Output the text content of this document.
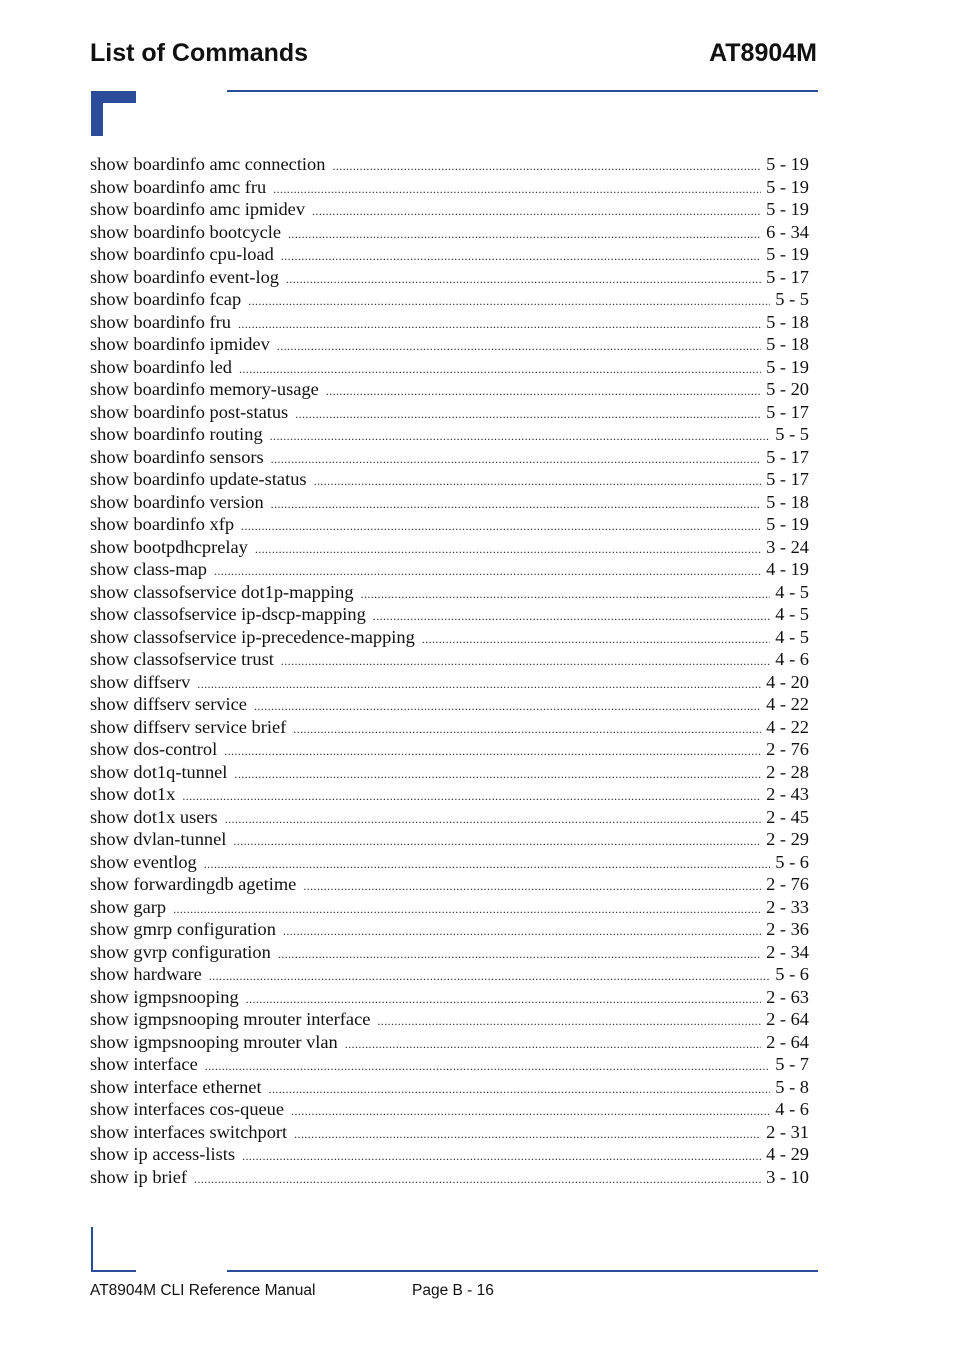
List of Commands	AT8904M
show boardinfo amc connection .....	5 - 19
show boardinfo amc fru .....	5 - 19
show boardinfo amc ipmidev .....	5 - 19
show boardinfo bootcycle .....	6 - 34
show boardinfo cpu-load .....	5 - 19
show boardinfo event-log .....	5 - 17
show boardinfo fcap .....	5 - 5
show boardinfo fru .....	5 - 18
show boardinfo ipmidev .....	5 - 18
show boardinfo led .....	5 - 19
show boardinfo memory-usage .....	5 - 20
show boardinfo post-status .....	5 - 17
show boardinfo routing .....	5 - 5
show boardinfo sensors .....	5 - 17
show boardinfo update-status .....	5 - 17
show boardinfo version .....	5 - 18
show boardinfo xfp .....	5 - 19
show bootpdhcprelay .....	3 - 24
show class-map .....	4 - 19
show classofservice dot1p-mapping .....	4 - 5
show classofservice ip-dscp-mapping .....	4 - 5
show classofservice ip-precedence-mapping .....	4 - 5
show classofservice trust .....	4 - 6
show diffserv .....	4 - 20
show diffserv service .....	4 - 22
show diffserv service brief .....	4 - 22
show dos-control .....	2 - 76
show dot1q-tunnel .....	2 - 28
show dot1x .....	2 - 43
show dot1x users .....	2 - 45
show dvlan-tunnel .....	2 - 29
show eventlog .....	5 - 6
show forwardingdb agetime .....	2 - 76
show garp .....	2 - 33
show gmrp configuration .....	2 - 36
show gvrp configuration .....	2 - 34
show hardware .....	5 - 6
show igmpsnooping .....	2 - 63
show igmpsnooping mrouter interface .....	2 - 64
show igmpsnooping mrouter vlan .....	2 - 64
show interface .....	5 - 7
show interface ethernet .....	5 - 8
show interfaces cos-queue .....	4 - 6
show interfaces switchport .....	2 - 31
show ip access-lists .....	4 - 29
show ip brief .....	3 - 10
AT8904M CLI Reference Manual	Page B - 16
